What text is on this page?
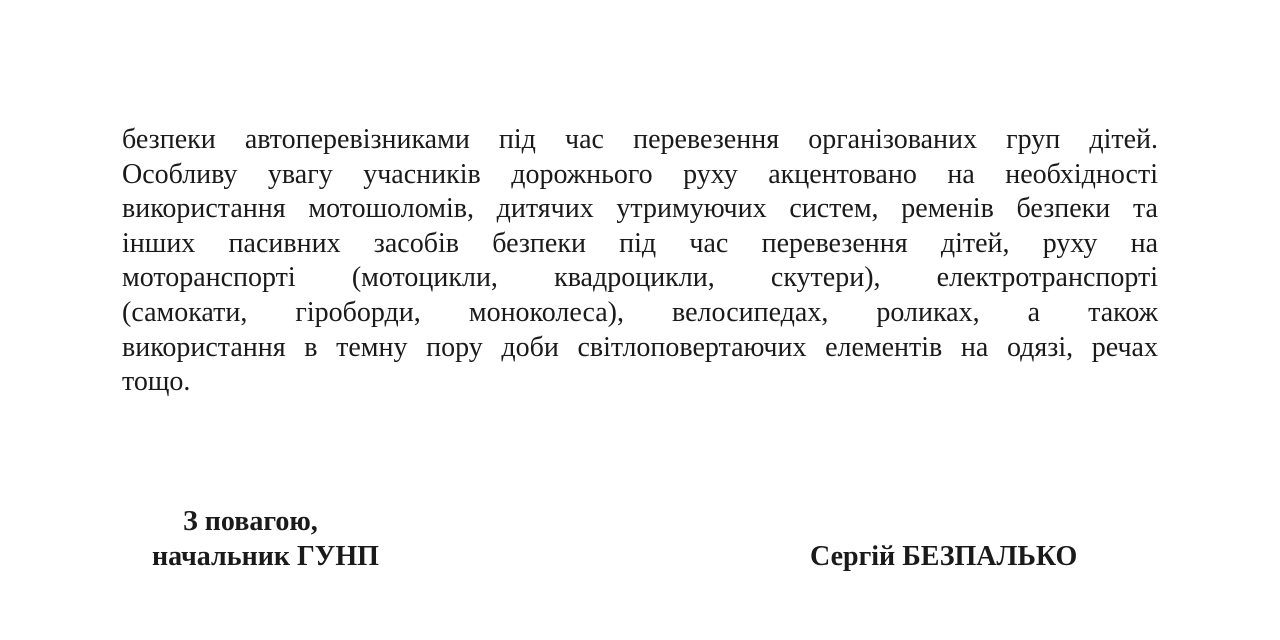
безпеки автоперевізниками під час перевезення організованих груп дітей.
Особливу увагу учасників дорожнього руху акцентовано на необхідності
використання мотошоломів, дитячих утримуючих систем, ременів безпеки та
інших пасивних засобів безпеки під час перевезення дітей, руху на
моторанспорті (мотоцикли, квадроцикли, скутери), електротранспорті
(самокати, гіроборди, моноколеса), велосипедах, роликах, а також
використання в темну пору доби світлоповертаючих елементів на одязі, речах
тощо.
З повагою,
начальник ГУНП	Сергій БЕЗПАЛЬКО
